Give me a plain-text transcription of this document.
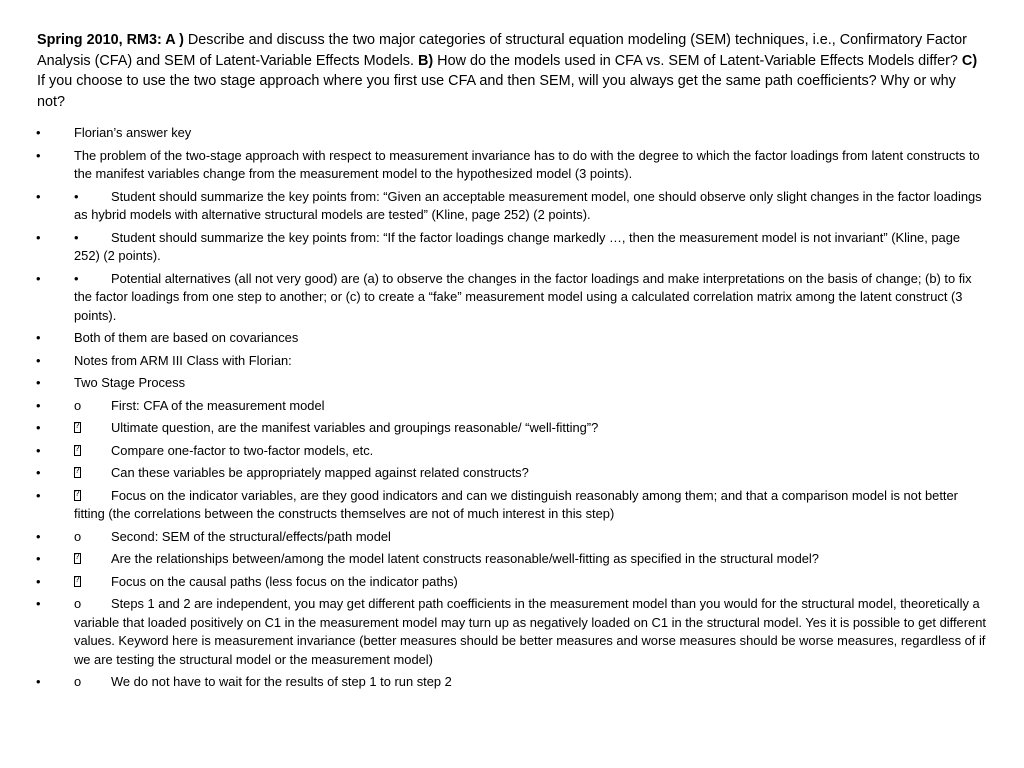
Spring 2010, RM3: A ) Describe and discuss the two major categories of structural equation modeling (SEM) techniques, i.e., Confirmatory Factor Analysis (CFA) and SEM of Latent-Variable Effects Models. B) How do the models used in CFA vs. SEM of Latent-Variable Effects Models differ? C) If you choose to use the two stage approach where you first use CFA and then SEM, will you always get the same path coefficients? Why or why not?

•	Florian’s answer key
•	The problem of the two-stage approach with respect to measurement invariance has to do with the degree to which the factor loadings from latent constructs to the manifest variables change from the measurement model to the hypothesized model (3 points).
•	•	Student should summarize the key points from: “Given an acceptable measurement model, one should observe only slight changes in the factor loadings as hybrid models with alternative structural models are tested” (Kline, page 252) (2 points).
•	•	Student should summarize the key points from: “If the factor loadings change markedly …, then the measurement model is not invariant” (Kline, page 252) (2 points).
•	•	Potential alternatives (all not very good) are (a) to observe the changes in the factor loadings and make interpretations on the basis of change; (b) to fix the factor loadings from one step to another; or (c) to create a “fake” measurement model using a calculated correlation matrix among the latent construct (3 points).
•	Both of them are based on covariances
•	Notes from ARM III Class with Florian:
•	Two Stage Process
•	o First: CFA of the measurement model
• ?	Ultimate question, are the manifest variables and groupings reasonable/ “well-fitting”?
• ?	Compare one-factor to two-factor models, etc.
• ?	Can these variables be appropriately mapped against related constructs?
• ?	Focus on the indicator variables, are they good indicators and can we distinguish reasonably among them; and that a comparison model is not better fitting (the correlations between the constructs themselves are not of much interest in this step)
•	o Second: SEM of the structural/effects/path model
• ?	Are the relationships between/among the model latent constructs reasonable/well-fitting as specified in the structural model?
• ?	Focus on the causal paths (less focus on the indicator paths)
•	o Steps 1 and 2 are independent, you may get different path coefficients in the measurement model than you would for the structural model, theoretically a variable that loaded positively on C1 in the measurement model may turn up as negatively loaded on C1 in the structural model. Yes it is possible to get different values. Keyword here is measurement invariance (better measures should be better measures and worse measures should be worse measures, regardless of if we are testing the structural model or the measurement model)
•	o We do not have to wait for the results of step 1 to run step 2
